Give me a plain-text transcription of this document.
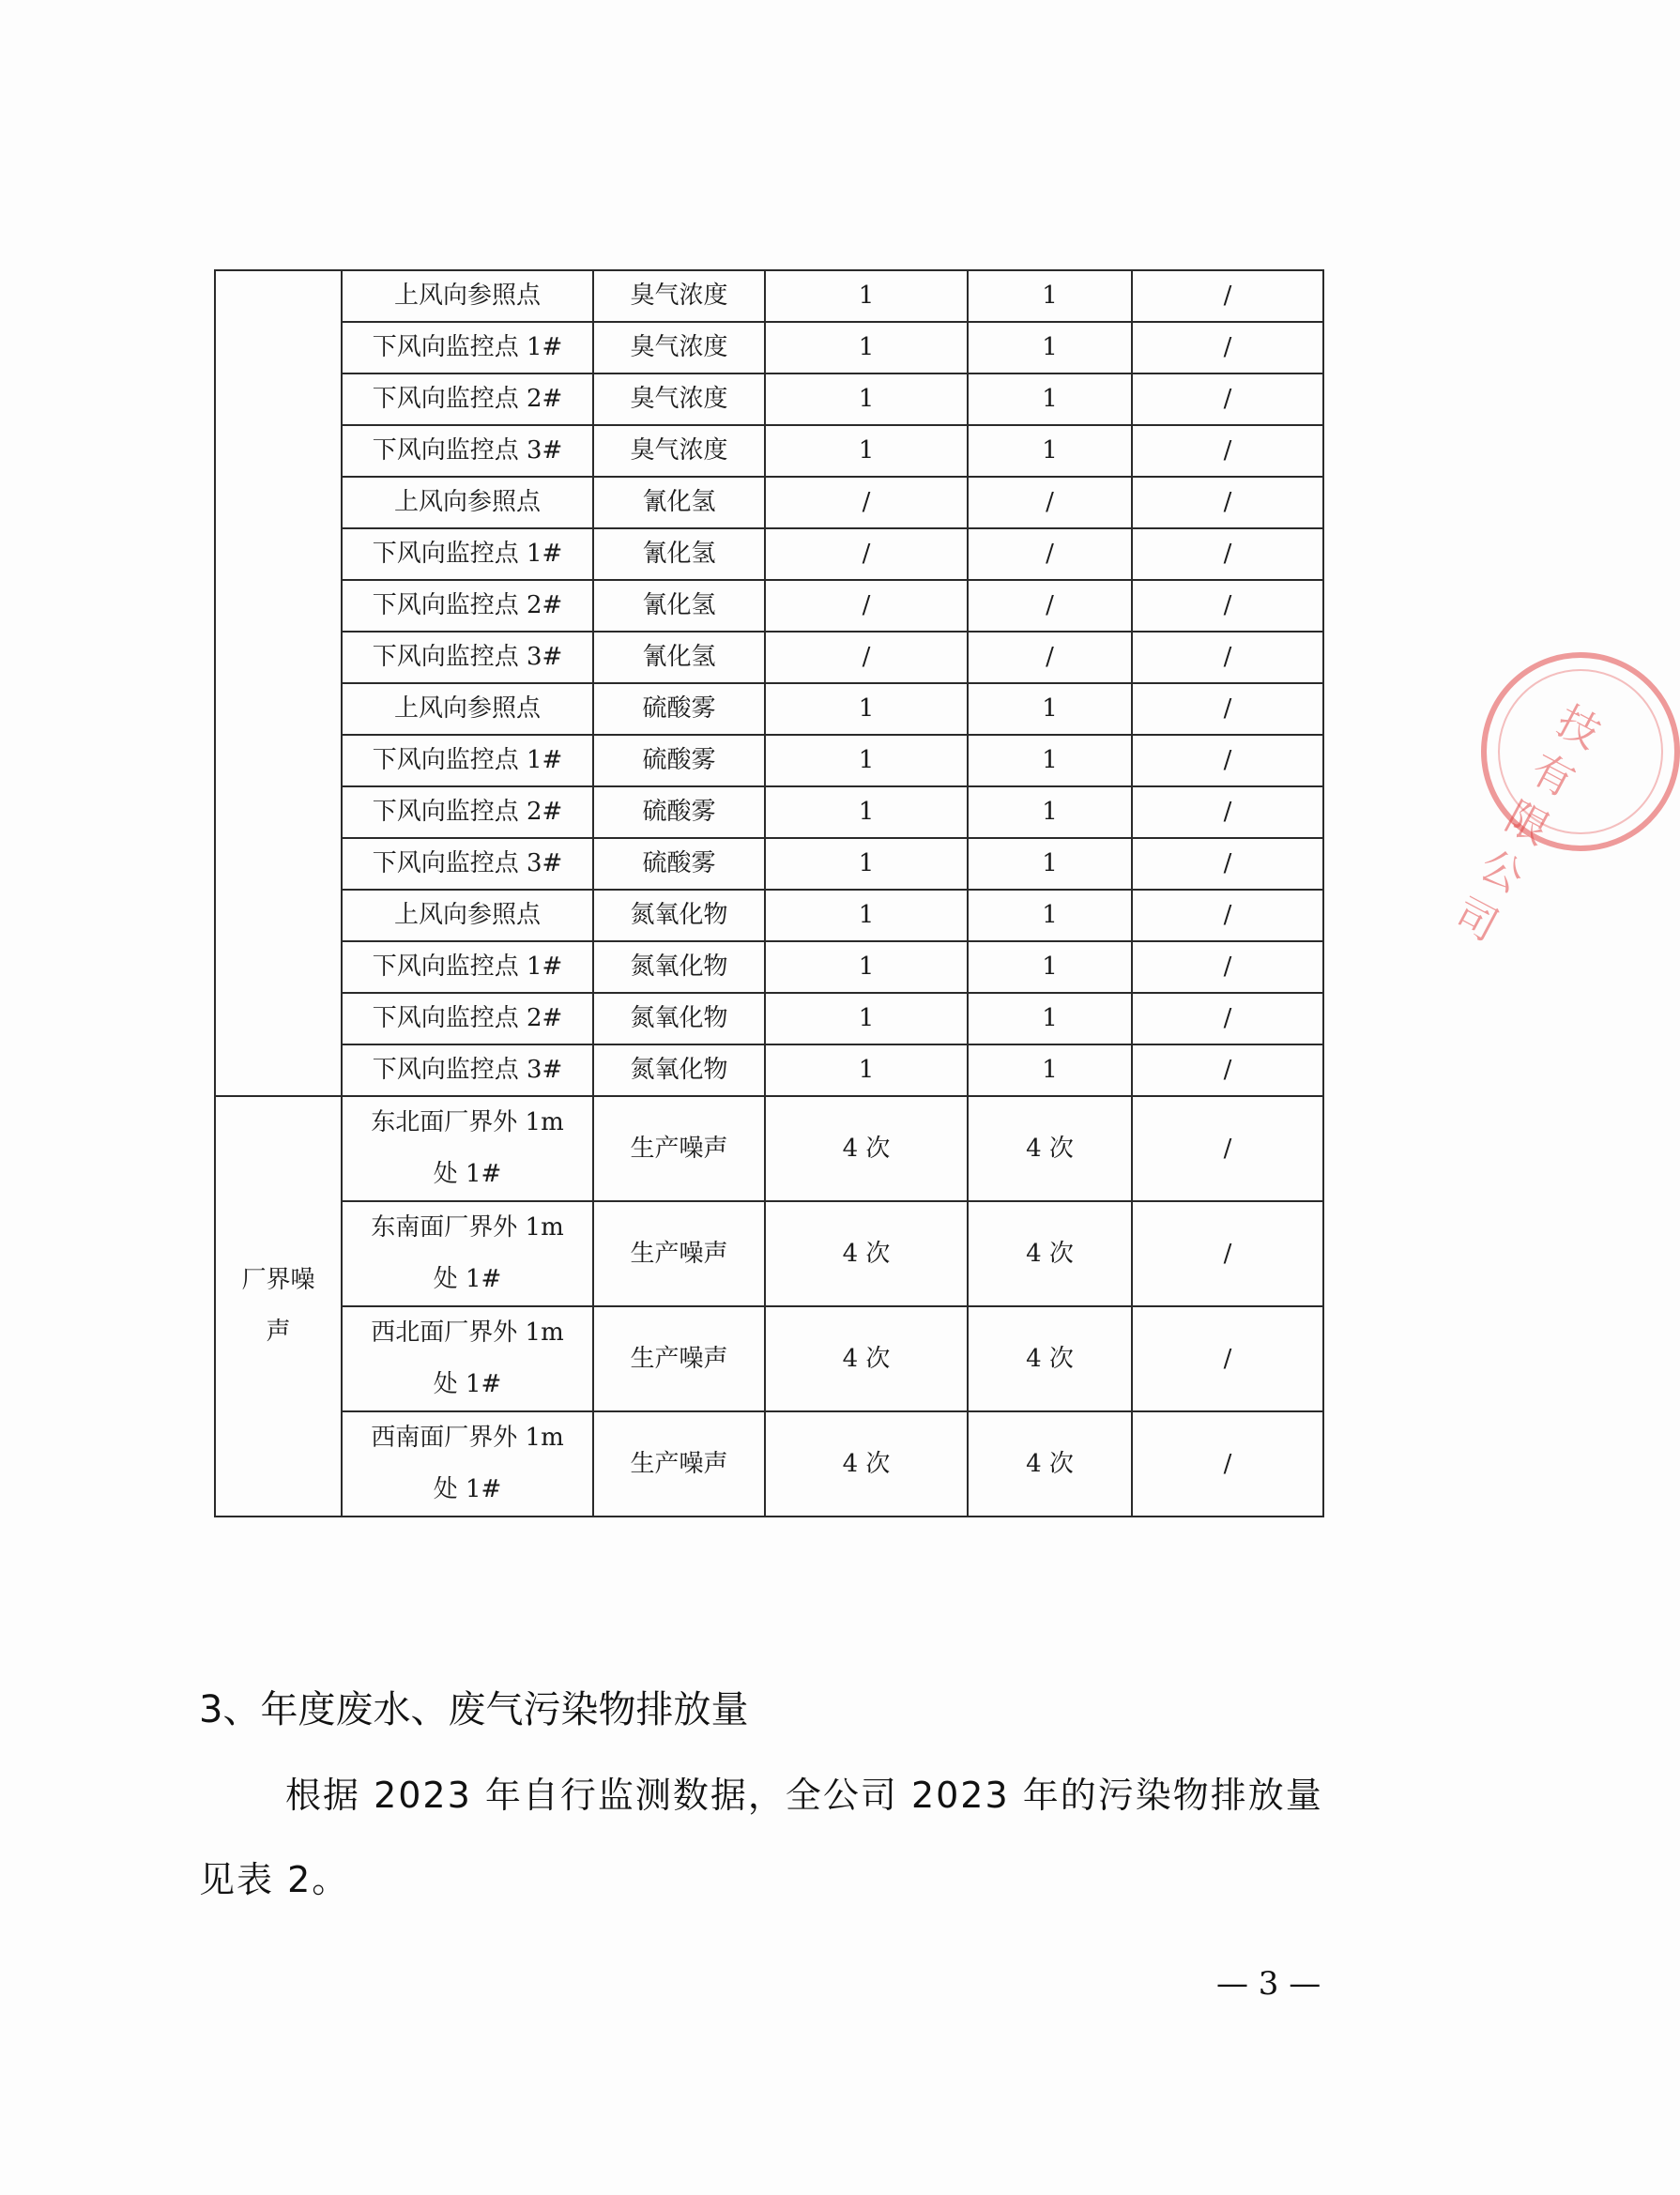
	上风向参照点	臭气浓度	1	1	/
	下风向监控点 1#	臭气浓度	1	1	/
	下风向监控点 2#	臭气浓度	1	1	/
	下风向监控点 3#	臭气浓度	1	1	/
	上风向参照点	氰化氢	/	/	/
	下风向监控点 1#	氰化氢	/	/	/
	下风向监控点 2#	氰化氢	/	/	/
	下风向监控点 3#	氰化氢	/	/	/
	上风向参照点	硫酸雾	1	1	/
	下风向监控点 1#	硫酸雾	1	1	/
	下风向监控点 2#	硫酸雾	1	1	/
	下风向监控点 3#	硫酸雾	1	1	/
	上风向参照点	氮氧化物	1	1	/
	下风向监控点 1#	氮氧化物	1	1	/
	下风向监控点 2#	氮氧化物	1	1	/
	下风向监控点 3#	氮氧化物	1	1	/

厂界噪声	东北面厂界外 1m
处 1#	生产噪声	4 次	4 次	/

	东南面厂界外 1m
处 1#	生产噪声	4 次	4 次	/

	西北面厂界外 1m
处 1#	生产噪声	4 次	4 次	/

	西南面厂界外 1m
处 1#	生产噪声	4 次	4 次	/
技有限公司
3、年度废水、废气污染物排放量
根据 2023 年自行监测数据，全公司 2023 年的污染物排放量见表 2。
— 3 —
